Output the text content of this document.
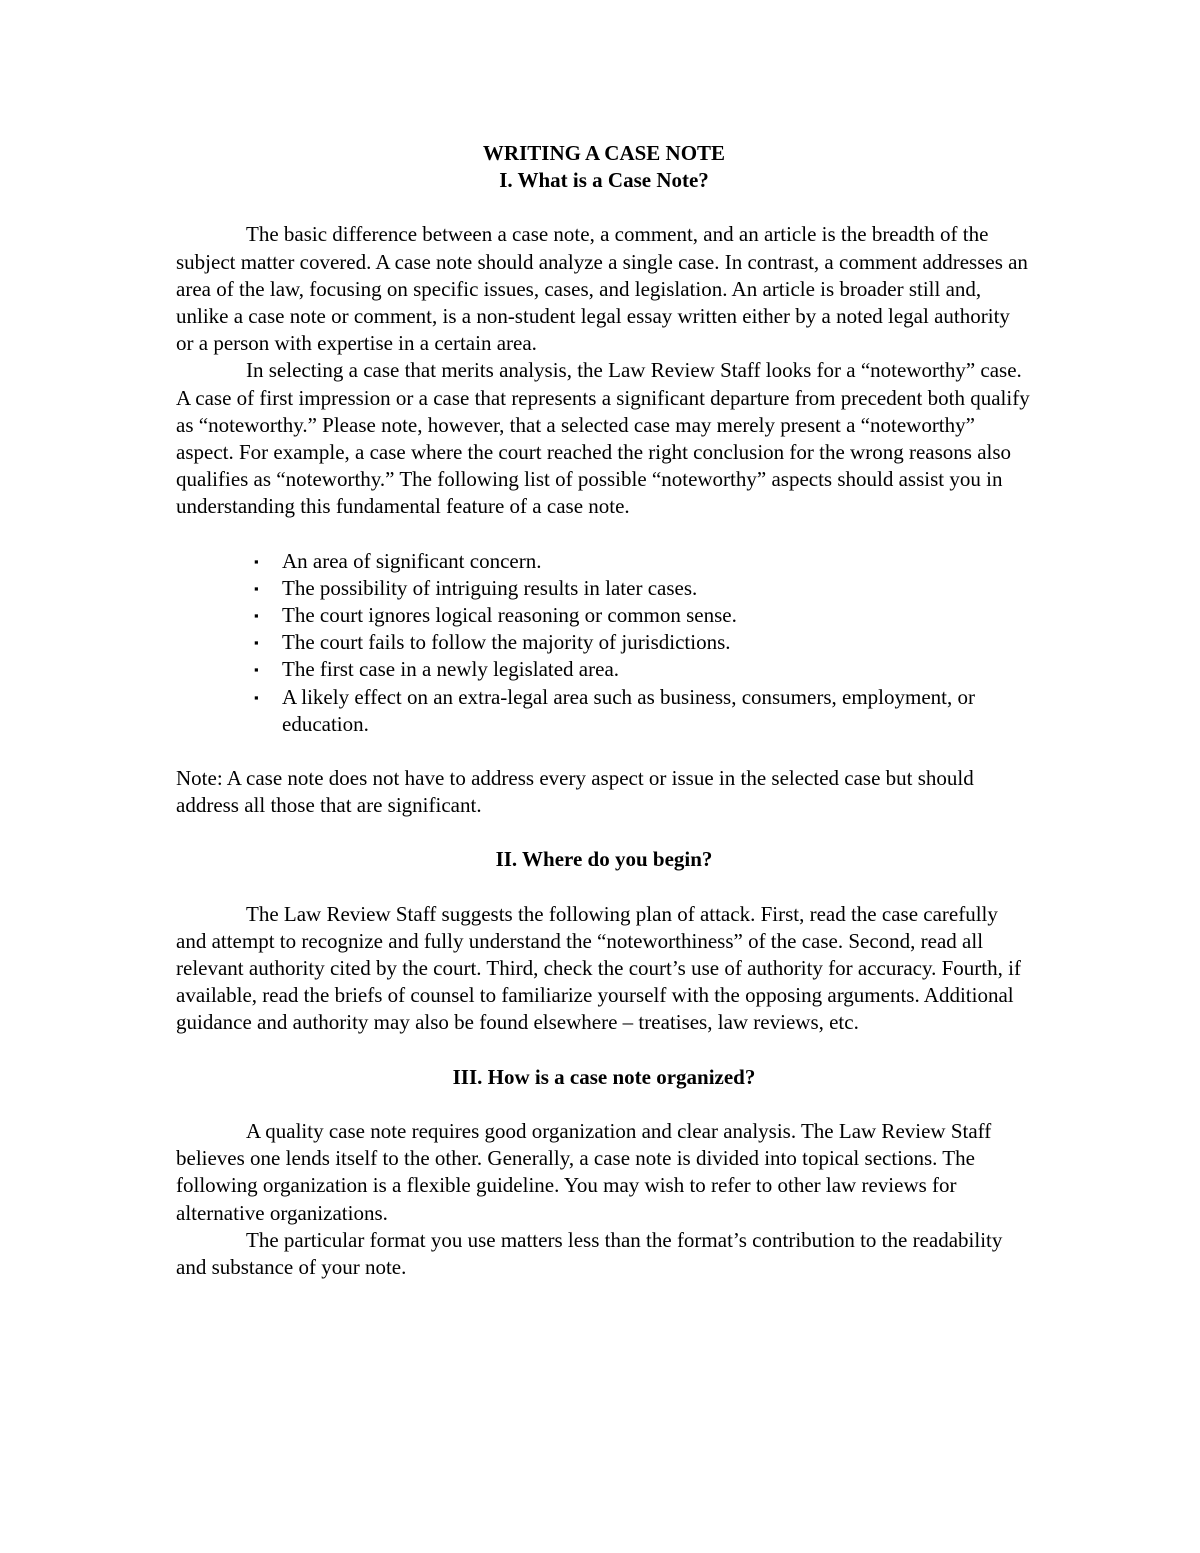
WRITING A CASE NOTE

I. What is a Case Note?

The basic difference between a case note, a comment, and an article is the breadth of the subject matter covered. A case note should analyze a single case. In contrast, a comment addresses an area of the law, focusing on specific issues, cases, and legislation. An article is broader still and, unlike a case note or comment, is a non-student legal essay written either by a noted legal authority or a person with expertise in a certain area.

In selecting a case that merits analysis, the Law Review Staff looks for a “noteworthy” case. A case of first impression or a case that represents a significant departure from precedent both qualify as “noteworthy.” Please note, however, that a selected case may merely present a “noteworthy” aspect. For example, a case where the court reached the right conclusion for the wrong reasons also qualifies as “noteworthy.” The following list of possible “noteworthy” aspects should assist you in understanding this fundamental feature of a case note.

▪ An area of significant concern.
▪ The possibility of intriguing results in later cases.
▪ The court ignores logical reasoning or common sense.
▪ The court fails to follow the majority of jurisdictions.
▪ The first case in a newly legislated area.
▪ A likely effect on an extra-legal area such as business, consumers, employment, or education.

Note: A case note does not have to address every aspect or issue in the selected case but should address all those that are significant.

II. Where do you begin?

The Law Review Staff suggests the following plan of attack. First, read the case carefully and attempt to recognize and fully understand the “noteworthiness” of the case. Second, read all relevant authority cited by the court. Third, check the court’s use of authority for accuracy. Fourth, if available, read the briefs of counsel to familiarize yourself with the opposing arguments. Additional guidance and authority may also be found elsewhere – treatises, law reviews, etc.

III. How is a case note organized?

A quality case note requires good organization and clear analysis. The Law Review Staff believes one lends itself to the other. Generally, a case note is divided into topical sections. The following organization is a flexible guideline. You may wish to refer to other law reviews for alternative organizations.

The particular format you use matters less than the format’s contribution to the readability and substance of your note.
